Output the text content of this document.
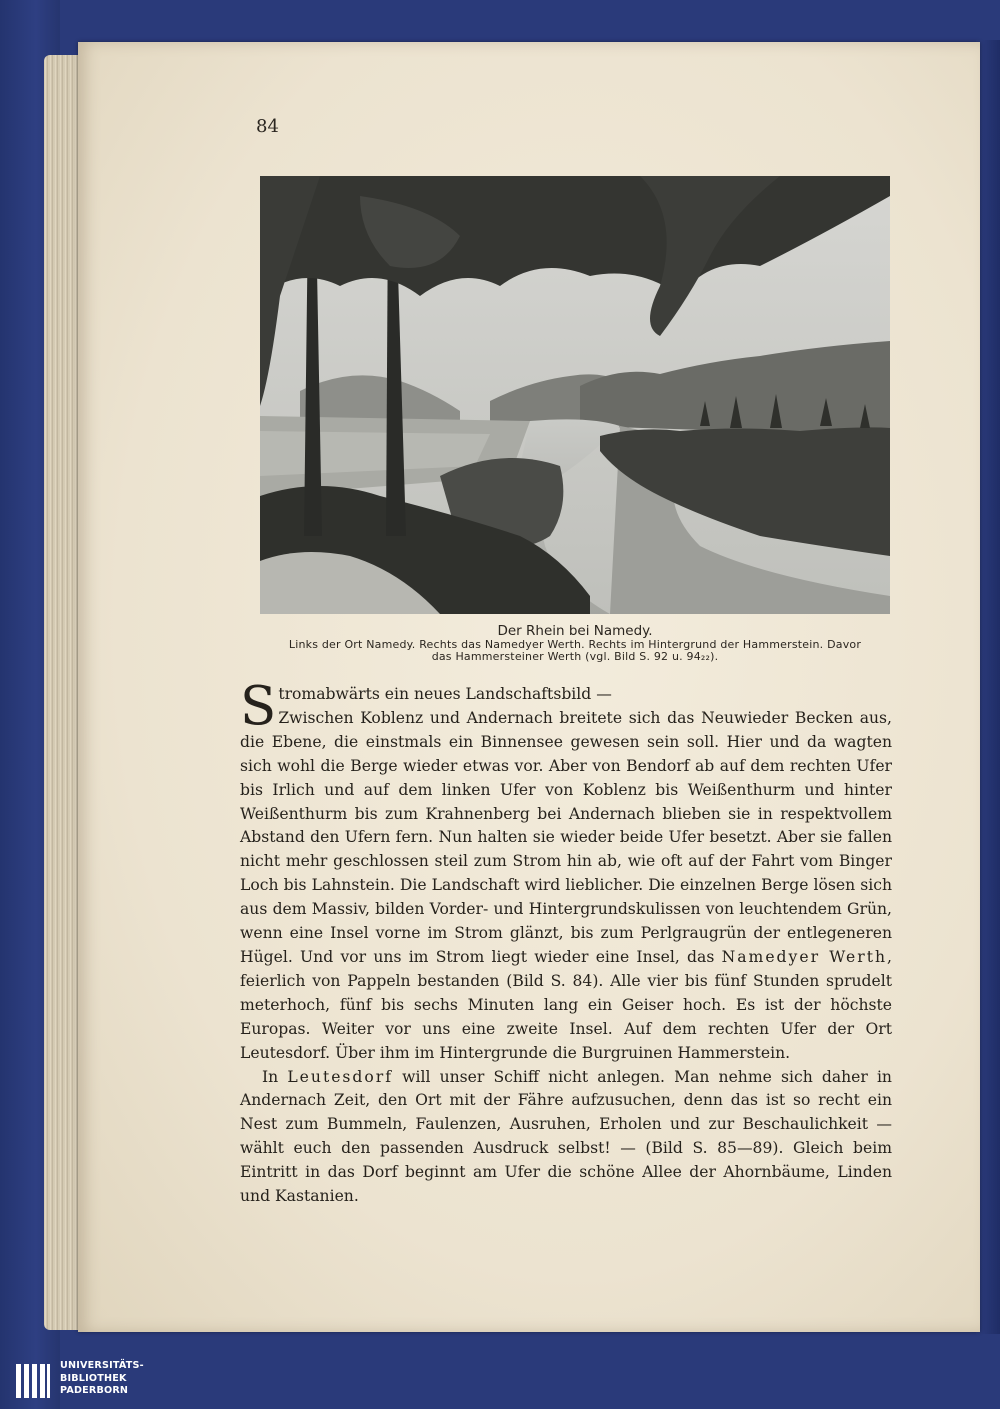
84
Der Rhein bei Namedy.
Links der Ort Namedy. Rechts das Namedyer Werth. Rechts im Hintergrund der Hammerstein. Davor
das Hammersteiner Werth (vgl. Bild S. 92 u. 94₂₂).

S tromabwärts ein neues Landschaftsbild —
Zwischen Koblenz und Andernach breitete sich das Neuwieder Becken aus, die Ebene, die einstmals ein Binnensee gewesen sein soll. Hier und da wagten sich wohl die Berge wieder etwas vor. Aber von Bendorf ab auf dem rechten Ufer bis Irlich und auf dem linken Ufer von Koblenz bis Weißenthurm und hinter Weißenthurm bis zum Krahnenberg bei Andernach blieben sie in respektvollem Abstand den Ufern fern. Nun halten sie wieder beide Ufer besetzt. Aber sie fallen nicht mehr geschlossen steil zum Strom hin ab, wie oft auf der Fahrt vom Binger Loch bis Lahnstein. Die Landschaft wird lieblicher. Die einzelnen Berge lösen sich aus dem Massiv, bilden Vorder- und Hintergrundskulissen von leuchtendem Grün, wenn eine Insel vorne im Strom glänzt, bis zum Perlgraugrün der entlegeneren Hügel. Und vor uns im Strom liegt wieder eine Insel, das Namedyer Werth, feierlich von Pappeln bestanden (Bild S. 84). Alle vier bis fünf Stunden sprudelt meterhoch, fünf bis sechs Minuten lang ein Geiser hoch. Es ist der höchste Europas. Weiter vor uns eine zweite Insel. Auf dem rechten Ufer der Ort Leutesdorf. Über ihm im Hintergrunde die Burgruinen Hammerstein.

In Leutesdorf will unser Schiff nicht anlegen. Man nehme sich daher in Andernach Zeit, den Ort mit der Fähre aufzusuchen, denn das ist so recht ein Nest zum Bummeln, Faulenzen, Ausruhen, Erholen und zur Beschaulichkeit — wählt euch den passenden Ausdruck selbst! — (Bild S. 85—89). Gleich beim Eintritt in das Dorf beginnt am Ufer die schöne Allee der Ahornbäume, Linden und Kastanien.

UNIVERSITÄTS-
BIBLIOTHEK
PADERBORN
